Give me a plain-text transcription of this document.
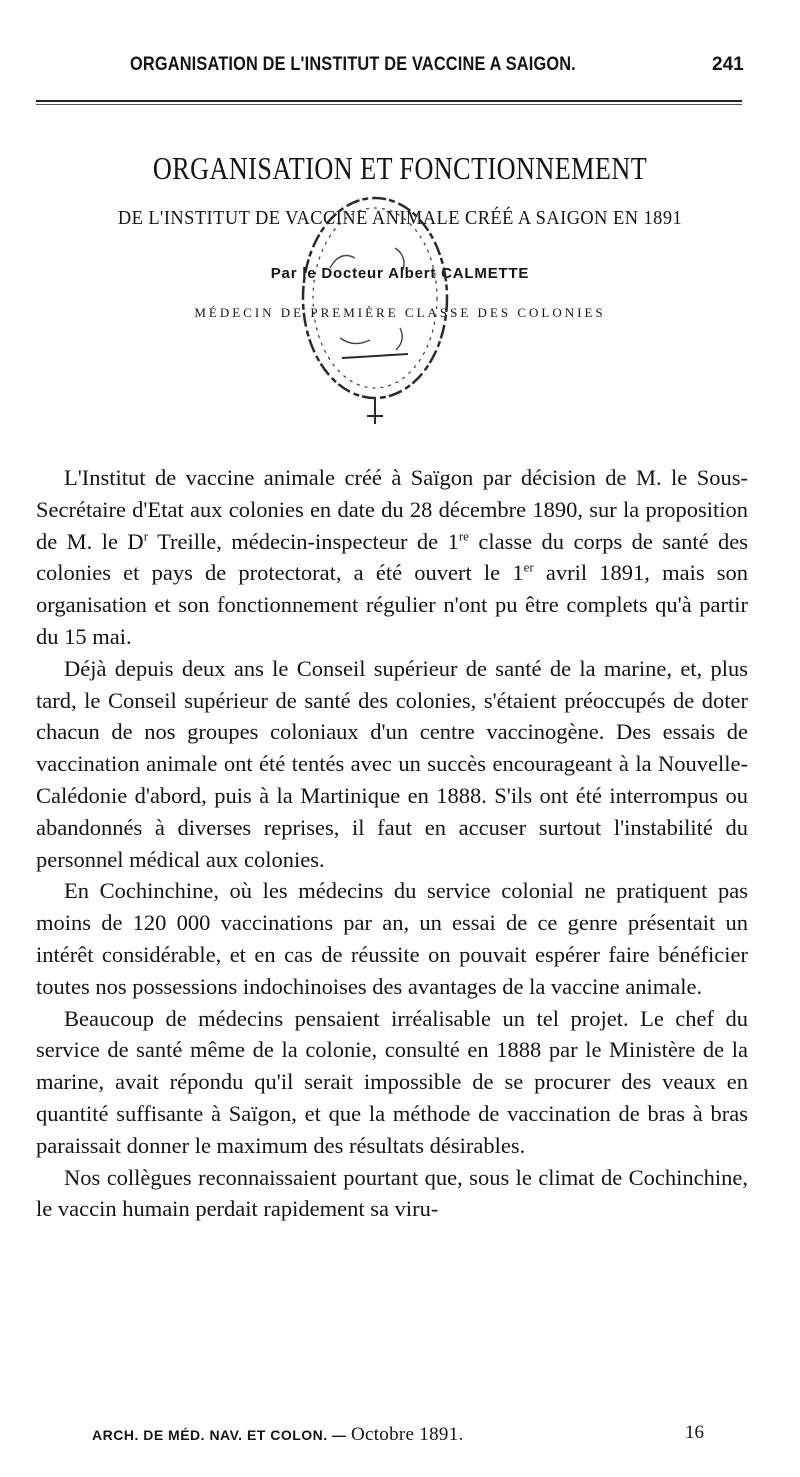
ORGANISATION DE L'INSTITUT DE VACCINE A SAIGON.	241
ORGANISATION ET FONCTIONNEMENT
DE L'INSTITUT DE VACCINE ANIMALE CRÉÉ A SAIGON EN 1891
Par le Docteur Albert CALMETTE
MÉDECIN DE PREMIÈRE CLASSE DES COLONIES

L'Institut de vaccine animale créé à Saïgon par décision de M. le Sous-Secrétaire d'Etat aux colonies en date du 28 décembre 1890, sur la proposition de M. le $D^r$ Treille, médecin-inspecteur de 1re classe du corps de santé des colonies et pays de protectorat, a été ouvert le 1er avril 1891, mais son organisation et son fonctionnement régulier n'ont pu être complets qu'à partir du 15 mai.

Déjà depuis deux ans le Conseil supérieur de santé de la marine, et, plus tard, le Conseil supérieur de santé des colonies, s'étaient préoccupés de doter chacun de nos groupes coloniaux d'un centre vaccinogène. Des essais de vaccination animale ont été tentés avec un succès encourageant à la Nouvelle-Calédonie d'abord, puis à la Martinique en 1888. S'ils ont été interrompus ou abandonnés à diverses reprises, il faut en accuser surtout l'instabilité du personnel médical aux colonies.

En Cochinchine, où les médecins du service colonial ne pratiquent pas moins de 120 000 vaccinations par an, un essai de ce genre présentait un intérêt considérable, et en cas de réussite on pouvait espérer faire bénéficier toutes nos possessions indochinoises des avantages de la vaccine animale.

Beaucoup de médecins pensaient irréalisable un tel projet. Le chef du service de santé même de la colonie, consulté en 1888 par le Ministère de la marine, avait répondu qu'il serait impossible de se procurer des veaux en quantité suffisante à Saïgon, et que la méthode de vaccination de bras à bras paraissait donner le maximum des résultats désirables.

Nos collègues reconnaissaient pourtant que, sous le climat de Cochinchine, le vaccin humain perdait rapidement sa viru-

ARCH. DE MÉD. NAV. ET COLON. — Octobre 1891.	16
